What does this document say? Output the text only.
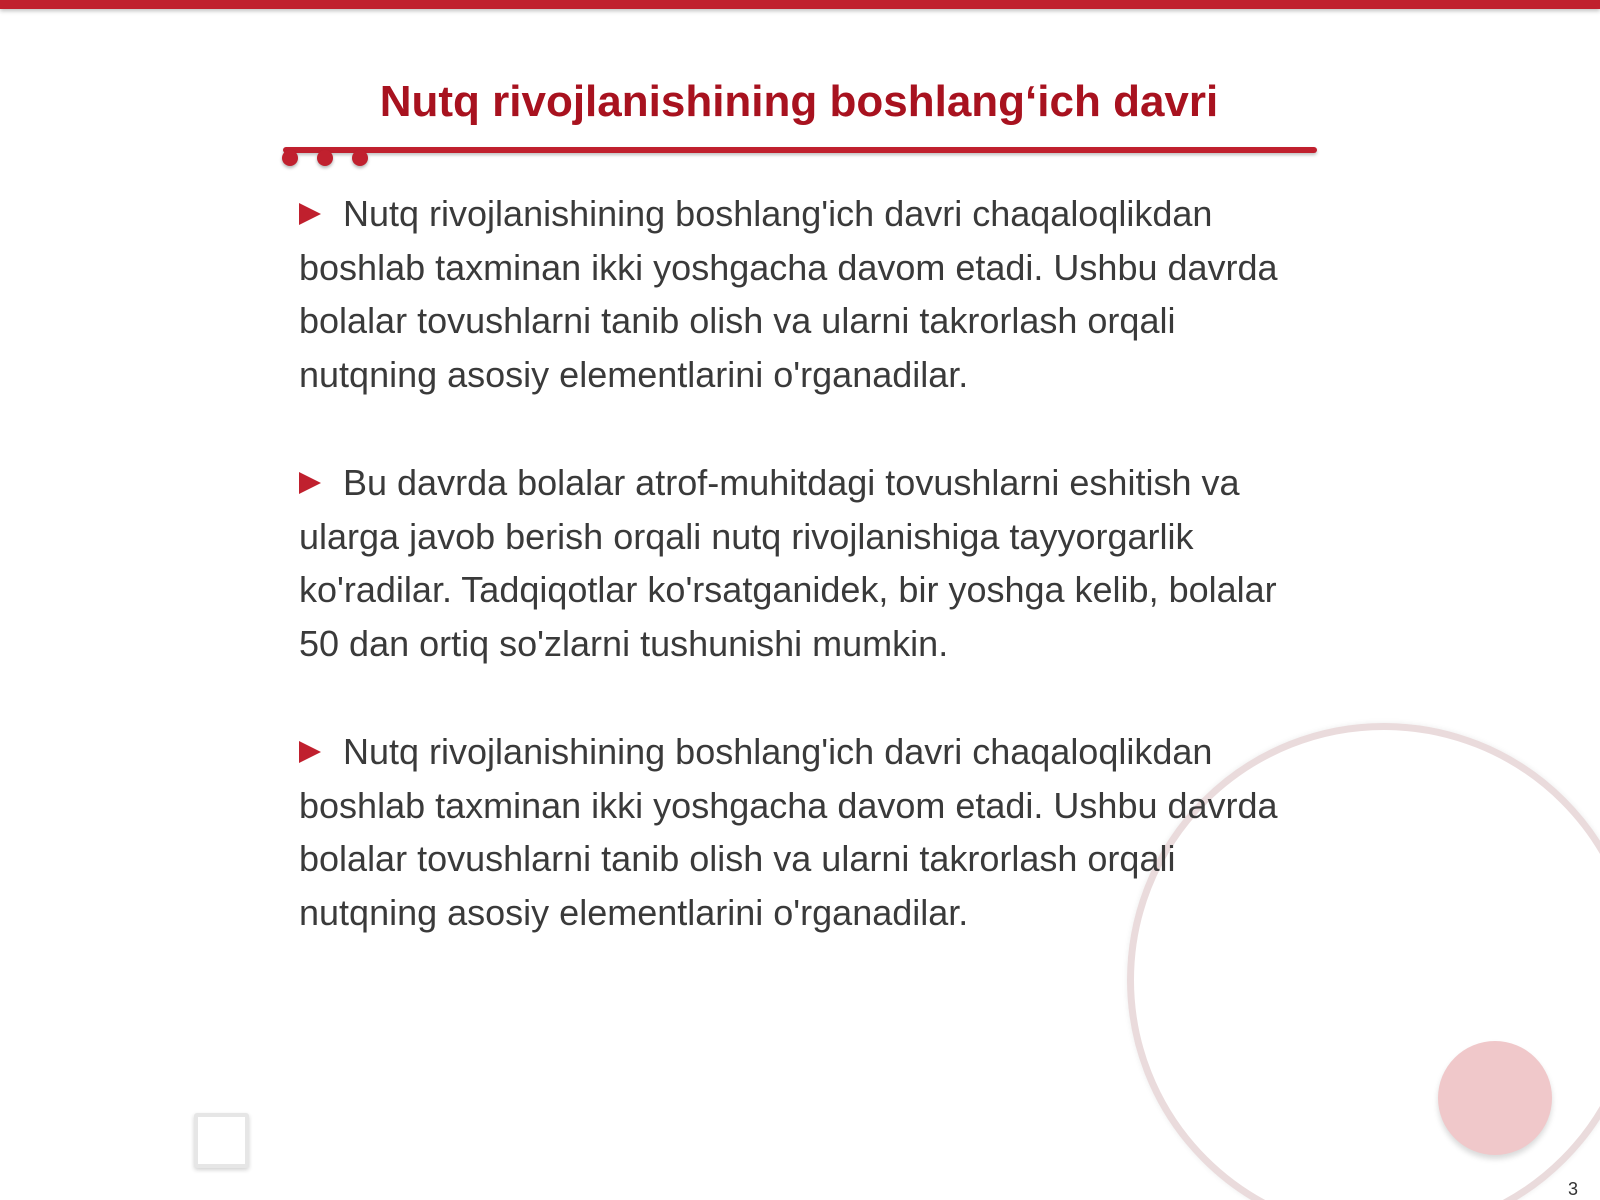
Nutq rivojlanishining boshlang‘ich davri

Nutq rivojlanishining boshlang'ich davri chaqaloqlikdan boshlab taxminan ikki yoshgacha davom etadi. Ushbu davrda bolalar tovushlarni tanib olish va ularni takrorlash orqali nutqning asosiy elementlarini o'rganadilar.

Bu davrda bolalar atrof-muhitdagi tovushlarni eshitish va ularga javob berish orqali nutq rivojlanishiga tayyorgarlik ko'radilar. Tadqiqotlar ko'rsatganidek, bir yoshga kelib, bolalar 50 dan ortiq so'zlarni tushunishi mumkin.

Nutq rivojlanishining boshlang'ich davri chaqaloqlikdan boshlab taxminan ikki yoshgacha davom etadi. Ushbu davrda bolalar tovushlarni tanib olish va ularni takrorlash orqali nutqning asosiy elementlarini o'rganadilar.

3
